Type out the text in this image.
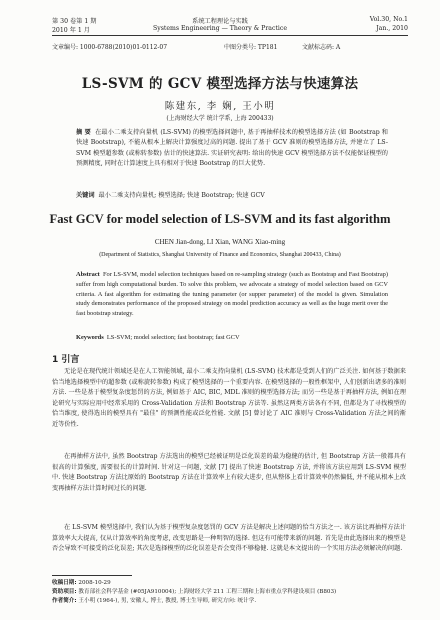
第 30 卷第 1 期
2010 年 1 月
系统工程理论与实践
Systems Engineering — Theory & Practice
Vol.30, No.1
Jan., 2010
文章编号: 1000-6788(2010)01-0112-07	中图分类号: TP181	文献标志码: A
LS-SVM 的 GCV 模型选择方法与快速算法
陈建东, 李 娴, 王小明
(上海财经大学 统计学系, 上海 200433)
摘 要 在最小二乘支持向量机 (LS-SVM) 的模型选择问题中, 基于再抽样技术的模型选择方法 (如 Bootstrap 和快速 Bootstrap), 不能从根本上解决计算强度过高的问题. 提出了基于 GCV 准则的模型选择方法, 并建立了 LS-SVM 模型超参数 (或称转参数) 估计的快速算法. 实证研究表明: 给出的快速 GCV 模型选择方法不仅能保证模型的预测精度, 同时在计算速度上具有相对于快速 Bootstrap 的巨大优势.
关键词 最小二乘支持向量机; 模型选择; 快速 Bootstrap; 快速 GCV
Fast GCV for model selection of LS-SVM and its fast algorithm
CHEN Jian-dong, LI Xian, WANG Xiao-ming
(Department of Statistics, Shanghai University of Finance and Economics, Shanghai 200433, China)
Abstract For LS-SVM, model selection techniques based on re-sampling strategy (such as Bootstrap and Fast Bootstrap) suffer from high computational burden. To solve this problem, we advocate a strategy of model selection based on GCV criteria. A fast algorithm for estimating the tuning parameter (or supper parameter) of the model is given. Simulation study demonstrates performance of the proposed strategy on model prediction accuracy as well as the huge merit over the fast bootstrap strategy.
Keywords LS-SVM; model selection; fast bootstrap; fast GCV
1 引言
无论是在现代统计领域还是在人工智能领域, 最小二乘支持向量机 (LS-SVM) 技术都是受到人们的广泛关注. 如何基于数据来恰当地选择模型中的超参数 (或称旋转参数) 构成了模型选择的一个重要内容. 在模型选择的一般性框架中, 人们创新出诸多的准则方法. 一些是基于模型复杂度惩罚的方法, 例如基于 AIC, BIC, MDL 准则的模型选择方法; 而另一些是基于再抽样方法, 例如在理论研究与实际应用中经常采用的 Cross-Validation 方法和 Bootstrap 方法等. 虽然这两类方法各有不同, 但都是为了寻找模型的恰当维度, 使得选出的模型具有 "最佳" 的预测性能或泛化性能. 文献 [5] 曾讨论了 AIC 准则与 Cross-Validation 方法之间的渐近等价性.
在再抽样方法中, 虽然 Bootstrap 方法选出的模型已经被证明是泛化误差的最为稳健的估计, 但 Bootstrap 方法一般都具有很高的计算强度, 需要很长的计算时间. 针对这一问题, 文献 [7] 提出了快速 Bootstrap 方法, 并将该方法应用到 LS-SVM 模型中. 快速 Bootstrap 方法比原始的 Bootstrap 方法在计算效率上有较大进步, 但从整体上看计算效率仍然偏低, 并不能从根本上改变再抽样方法计算时间过长的问题.
在 LS-SVM 模型选择中, 我们认为基于模型复杂度惩罚的 GCV 方法是解决上述问题的恰当方法之一. 该方法比再抽样方法计算效率大大提高, 仅从计算效率的角度考虑, 改变思路是一种明智的选择. 但这有可能带来新的问题. 首先是由此选择出来的模型是否会导致不可接受的泛化误差; 其次是选择模型的泛化误差是否会变得不够稳健. 这就是本文提出的一个实用方法必须解决的问题.
收稿日期: 2008-10-29
资助项目: 教育部社会科学基金 (#05JA910004); 上海财经大学 211 工程三期和上海市重点学科建设项目 (B803)
作者简介: 王小明 (1964-), 男, 安徽人, 博士, 教授, 博士生导师, 研究方向: 统计学.
